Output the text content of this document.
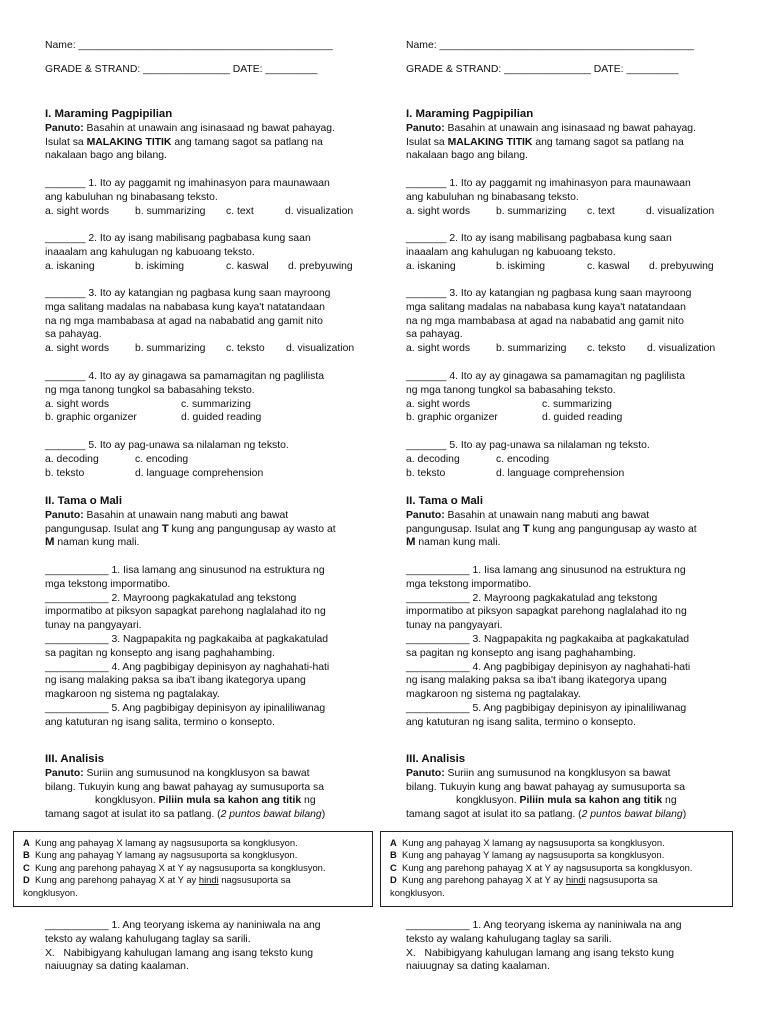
Name: ____________________________________________
GRADE & STRAND: _______________ DATE: _________
I. Maraming Pagpipilian
Panuto: Basahin at unawain ang isinasaad ng bawat pahayag.
Isulat sa MALAKING TITIK ang tamang sagot sa patlang na
nakalaan bago ang bilang.
_______ 1. Ito ay paggamit ng imahinasyon para maunawaan
ang kabuluhan ng binabasang teksto.
a. sight words	b. summarizing	c. text	d. visualization
_______ 2. Ito ay isang mabilisang pagbabasa kung saan
inaaalam ang kahulugan ng kabuoang teksto.
a. iskaning	b. iskiming	c. kaswal	d. prebyuwing
_______ 3. Ito ay katangian ng pagbasa kung saan mayroong
mga salitang madalas na nababasa kung kaya't natatandaan
na ng mga mambabasa at agad na nababatid ang gamit nito
sa pahayag.
a. sight words	b. summarizing	c. teksto	d. visualization
_______ 4. Ito ay ay ginagawa sa pamamagitan ng paglilista
ng mga tanong tungkol sa babasahing teksto.
a. sight words	c. summarizing
b. graphic organizer	d. guided reading
_______ 5. Ito ay pag-unawa sa nilalaman ng teksto.
a. decoding	c. encoding
b. teksto	d. language comprehension
II. Tama o Mali
Panuto: Basahin at unawain nang mabuti ang bawat
pangungusap. Isulat ang T kung ang pangungusap ay wasto at
M naman kung mali.
___________ 1. Iisa lamang ang sinusunod na estruktura ng
mga tekstong impormatibo.
___________ 2. Mayroong pagkakatulad ang tekstong
impormatibo at piksyon sapagkat parehong naglalahad ito ng
tunay na pangyayari.
___________ 3. Nagpapakita ng pagkakaiba at pagkakatulad
sa pagitan ng konsepto ang isang paghahambing.
___________ 4. Ang pagbibigay depinisyon ay naghahati-hati
ng isang malaking paksa sa iba't ibang ikategorya upang
magkaroon ng sistema ng pagtalakay.
___________ 5. Ang pagbibigay depinisyon ay ipinaliliwanag
ang katuturan ng isang salita, termino o konsepto.
III. Analisis
Panuto: Suriin ang sumusunod na kongklusyon sa bawat
bilang. Tukuyin kung ang bawat pahayag ay sumusuporta sa
kongklusyon. Piliin mula sa kahon ang titik ng
tamang sagot at isulat ito sa patlang. (2 puntos bawat bilang)
___________ 1. Ang teoryang iskema ay naniniwala na ang
teksto ay walang kahulugang taglay sa sarili.
X.   Nabibigyang kahulugan lamang ang isang teksto kung
naiuugnay sa dating kaalaman.
A Kung ang pahayag X lamang ay nagsusuporta sa kongklusyon.
B Kung ang pahayag Y lamang ay nagsusuporta sa kongklusyon.
C Kung ang parehong pahayag X at Y ay nagsusuporta sa kongklusyon.
D Kung ang parehong pahayag X at Y ay hindi nagsusuporta sa
kongklusyon.
Name: ____________________________________________
GRADE & STRAND: _______________ DATE: _________
I. Maraming Pagpipilian
Panuto: Basahin at unawain ang isinasaad ng bawat pahayag.
Isulat sa MALAKING TITIK ang tamang sagot sa patlang na
nakalaan bago ang bilang.
_______ 1. Ito ay paggamit ng imahinasyon para maunawaan
ang kabuluhan ng binabasang teksto.
a. sight words	b. summarizing	c. text	d. visualization
_______ 2. Ito ay isang mabilisang pagbabasa kung saan
inaaalam ang kahulugan ng kabuoang teksto.
a. iskaning	b. iskiming	c. kaswal	d. prebyuwing
_______ 3. Ito ay katangian ng pagbasa kung saan mayroong
mga salitang madalas na nababasa kung kaya't natatandaan
na ng mga mambabasa at agad na nababatid ang gamit nito
sa pahayag.
a. sight words	b. summarizing	c. teksto	d. visualization
_______ 4. Ito ay ay ginagawa sa pamamagitan ng paglilista
ng mga tanong tungkol sa babasahing teksto.
a. sight words	c. summarizing
b. graphic organizer	d. guided reading
_______ 5. Ito ay pag-unawa sa nilalaman ng teksto.
a. decoding	c. encoding
b. teksto	d. language comprehension
II. Tama o Mali
Panuto: Basahin at unawain nang mabuti ang bawat
pangungusap. Isulat ang T kung ang pangungusap ay wasto at
M naman kung mali.
___________ 1. Iisa lamang ang sinusunod na estruktura ng
mga tekstong impormatibo.
___________ 2. Mayroong pagkakatulad ang tekstong
impormatibo at piksyon sapagkat parehong naglalahad ito ng
tunay na pangyayari.
___________ 3. Nagpapakita ng pagkakaiba at pagkakatulad
sa pagitan ng konsepto ang isang paghahambing.
___________ 4. Ang pagbibigay depinisyon ay naghahati-hati
ng isang malaking paksa sa iba't ibang ikategorya upang
magkaroon ng sistema ng pagtalakay.
___________ 5. Ang pagbibigay depinisyon ay ipinaliliwanag
ang katuturan ng isang salita, termino o konsepto.
III. Analisis
Panuto: Suriin ang sumusunod na kongklusyon sa bawat
bilang. Tukuyin kung ang bawat pahayag ay sumusuporta sa
kongklusyon. Piliin mula sa kahon ang titik ng
tamang sagot at isulat ito sa patlang. (2 puntos bawat bilang)
___________ 1. Ang teoryang iskema ay naniniwala na ang
teksto ay walang kahulugang taglay sa sarili.
X.   Nabibigyang kahulugan lamang ang isang teksto kung
naiuugnay sa dating kaalaman.
A Kung ang pahayag X lamang ay nagsusuporta sa kongklusyon.
B Kung ang pahayag Y lamang ay nagsusuporta sa kongklusyon.
C Kung ang parehong pahayag X at Y ay nagsusuporta sa kongklusyon.
D Kung ang parehong pahayag X at Y ay hindi nagsusuporta sa
kongklusyon.
